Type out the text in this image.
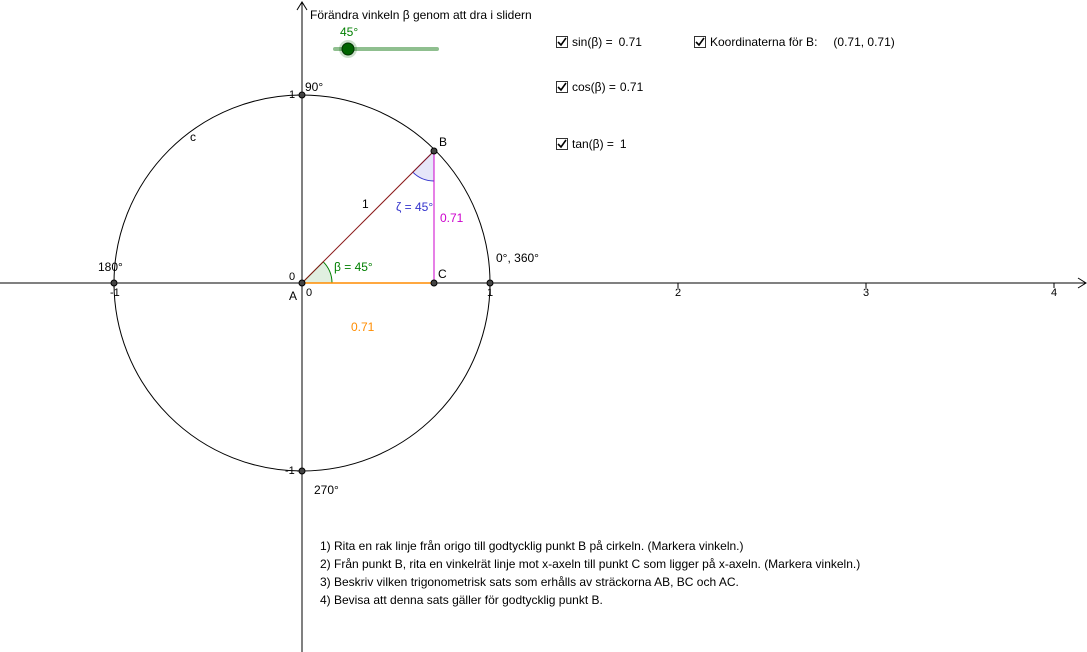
Förändra vinkeln β genom att dra i slidern
45°
sin(β) = 0.71
cos(β) = 0.71
tan(β) = 1
Koordinaterna för B: (0.71, 0.71)
c	B
C
A
β = 45°
ζ = 45°
1
0.71
0.71
90°
180°
270°
0°, 360°
-1	0	1	2	3	4
1
0
-1
1) Rita en rak linje från origo till godtycklig punkt B på cirkeln. (Markera vinkeln.)
2) Från punkt B, rita en vinkelrät linje mot x-axeln till punkt C som ligger på x-axeln. (Markera vinkeln.)
3) Beskriv vilken trigonometrisk sats som erhålls av sträckorna AB, BC och AC.
4) Bevisa att denna sats gäller för godtycklig punkt B.
